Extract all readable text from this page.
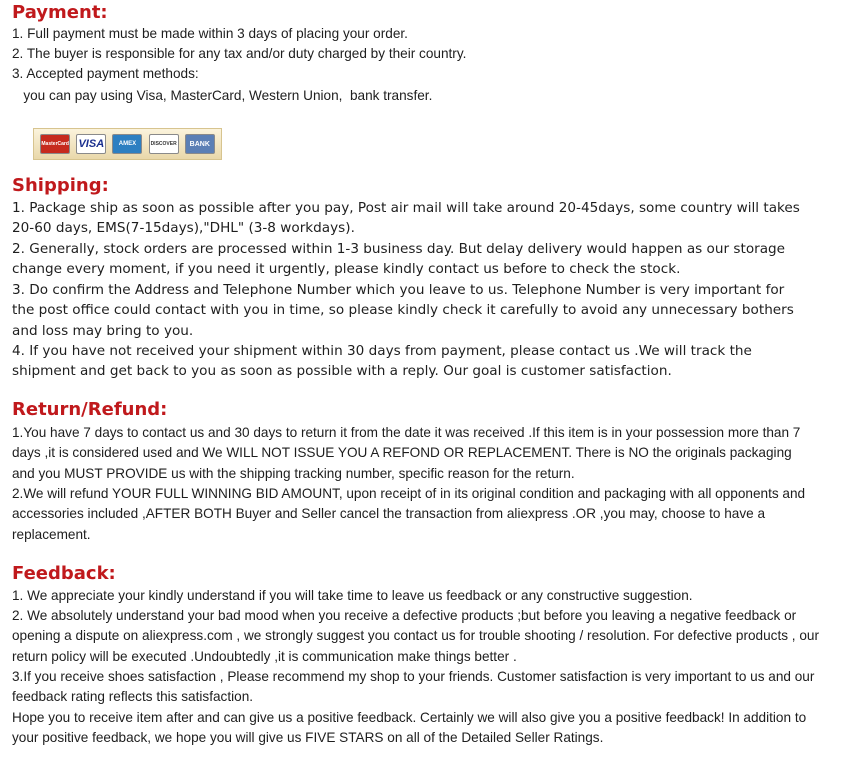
Payment:

1. Full payment must be made within 3 days of placing your order.

2. The buyer is responsible for any tax and/or duty charged by their country.

3. Accepted payment methods:

you can pay using Visa, MasterCard, Western Union,  bank transfer.

MasterCard VISA	AMEX	DISCOVER	BANK
Shipping:

1. Package ship as soon as possible after you pay, Post air mail will take around 20-45days, some country will takes
20-60 days, EMS(7-15days),"DHL" (3-8 workdays).

2. Generally, stock orders are processed within 1-3 business day. But delay delivery would happen as our storage
change every moment, if you need it urgently, please kindly contact us before to check the stock.

3. Do confirm the Address and Telephone Number which you leave to us. Telephone Number is very important for
the post office could contact with you in time, so please kindly check it carefully to avoid any unnecessary bothers
and loss may bring to you.

4. If you have not received your shipment within 30 days from payment, please contact us .We will track the
shipment and get back to you as soon as possible with a reply. Our goal is customer satisfaction.

Return/Refund:

1.You have 7 days to contact us and 30 days to return it from the date it was received .If this item is in your possession more than 7
days ,it is considered used and We WILL NOT ISSUE YOU A REFOND OR REPLACEMENT. There is NO the originals packaging
and you MUST PROVIDE us with the shipping tracking number, specific reason for the return.

2.We will refund YOUR FULL WINNING BID AMOUNT, upon receipt of in its original condition and packaging with all opponents and
accessories included ,AFTER BOTH Buyer and Seller cancel the transaction from aliexpress .OR ,you may, choose to have a
replacement.

Feedback:

1. We appreciate your kindly understand if you will take time to leave us feedback or any constructive suggestion.

2. We absolutely understand your bad mood when you receive a defective products ;but before you leaving a negative feedback or
opening a dispute on aliexpress.com , we strongly suggest you contact us for trouble shooting / resolution. For defective products , our
return policy will be executed .Undoubtedly ,it is communication make things better .

3.If you receive shoes satisfaction , Please recommend my shop to your friends. Customer satisfaction is very important to us and our
feedback rating reflects this satisfaction.

Hope you to receive item after and can give us a positive feedback. Certainly we will also give you a positive feedback! In addition to
your positive feedback, we hope you will give us FIVE STARS on all of the Detailed Seller Ratings.
